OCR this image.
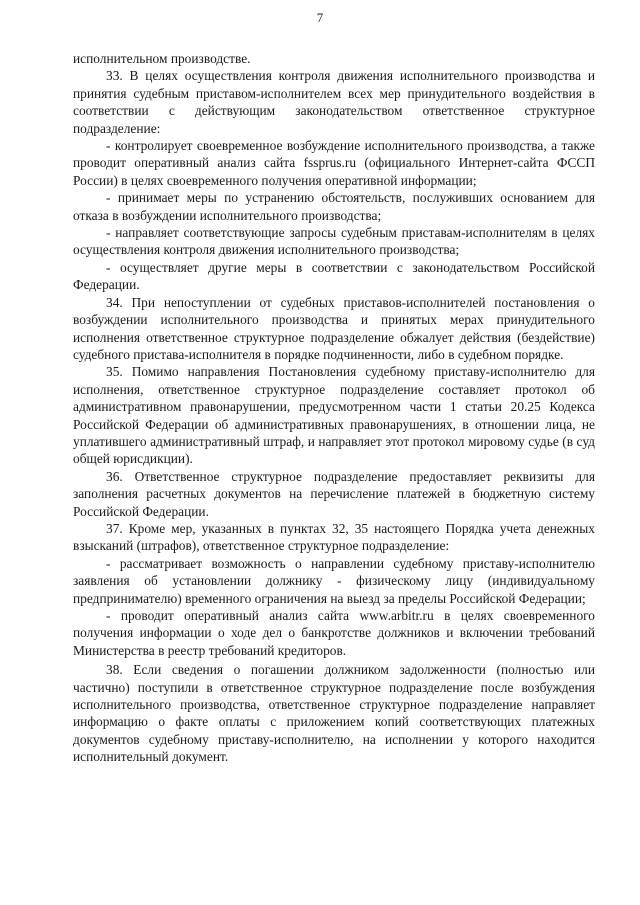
7

исполнительном производстве.

33. В целях осуществления контроля движения исполнительного производства и принятия судебным приставом-исполнителем всех мер принудительного воздействия в соответствии с действующим законодательством ответственное структурное подразделение:

- контролирует своевременное возбуждение исполнительного производства, а также проводит оперативный анализ сайта fssprus.ru (официального Интернет-сайта ФССП России) в целях своевременного получения оперативной информации;

- принимает меры по устранению обстоятельств, послуживших основанием для отказа в возбуждении исполнительного производства;

- направляет соответствующие запросы судебным приставам-исполнителям в целях осуществления контроля движения исполнительного производства;

- осуществляет другие меры в соответствии с законодательством Российской Федерации.

34. При непоступлении от судебных приставов-исполнителей постановления о возбуждении исполнительного производства и принятых мерах принудительного исполнения ответственное структурное подразделение обжалует действия (бездействие) судебного пристава-исполнителя в порядке подчиненности, либо в судебном порядке.

35. Помимо направления Постановления судебному приставу-исполнителю для исполнения, ответственное структурное подразделение составляет протокол об административном правонарушении, предусмотренном части 1 статьи 20.25 Кодекса Российской Федерации об административных правонарушениях, в отношении лица, не уплатившего административный штраф, и направляет этот протокол мировому судье (в суд общей юрисдикции).

36. Ответственное структурное подразделение предоставляет реквизиты для заполнения расчетных документов на перечисление платежей в бюджетную систему Российской Федерации.

37. Кроме мер, указанных в пунктах 32, 35 настоящего Порядка учета денежных взысканий (штрафов), ответственное структурное подразделение:

- рассматривает возможность о направлении судебному приставу-исполнителю заявления об установлении должнику - физическому лицу (индивидуальному предпринимателю) временного ограничения на выезд за пределы Российской Федерации;

- проводит оперативный анализ сайта www.arbitr.ru в целях своевременного получения информации о ходе дел о банкротстве должников и включении требований Министерства в реестр требований кредиторов.

38. Если сведения о погашении должником задолженности (полностью или частично) поступили в ответственное структурное подразделение после возбуждения исполнительного производства, ответственное структурное подразделение направляет информацию о факте оплаты с приложением копий соответствующих платежных документов судебному приставу-исполнителю, на исполнении у которого находится исполнительный документ.
